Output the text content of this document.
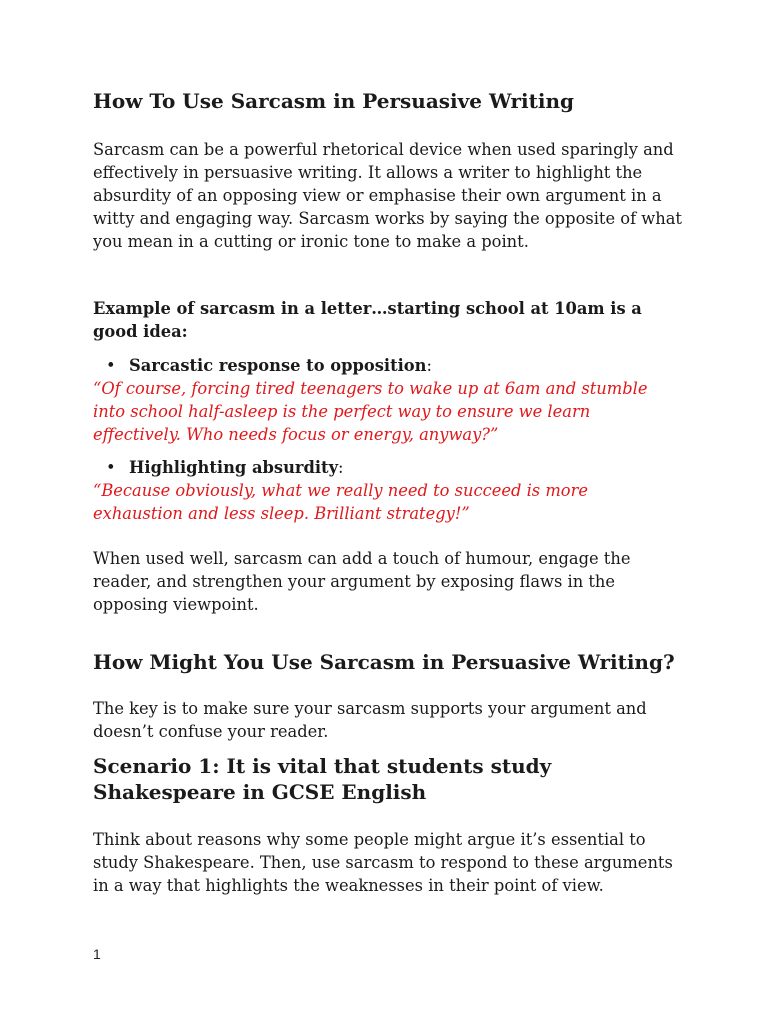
How To Use Sarcasm in Persuasive Writing

Sarcasm can be a powerful rhetorical device when used sparingly and effectively in persuasive writing. It allows a writer to highlight the absurdity of an opposing view or emphasise their own argument in a witty and engaging way. Sarcasm works by saying the opposite of what you mean in a cutting or ironic tone to make a point.

Example of sarcasm in a letter…starting school at 10am is a good idea:
• Sarcastic response to opposition:
“Of course, forcing tired teenagers to wake up at 6am and stumble into school half-asleep is the perfect way to ensure we learn effectively. Who needs focus or energy, anyway?”
• Highlighting absurdity:
“Because obviously, what we really need to succeed is more exhaustion and less sleep. Brilliant strategy!”

When used well, sarcasm can add a touch of humour, engage the reader, and strengthen your argument by exposing flaws in the opposing viewpoint.

How Might You Use Sarcasm in Persuasive Writing?

The key is to make sure your sarcasm supports your argument and doesn’t confuse your reader.

Scenario 1: It is vital that students study Shakespeare in GCSE English

Think about reasons why some people might argue it’s essential to study Shakespeare. Then, use sarcasm to respond to these arguments in a way that highlights the weaknesses in their point of view.

1
